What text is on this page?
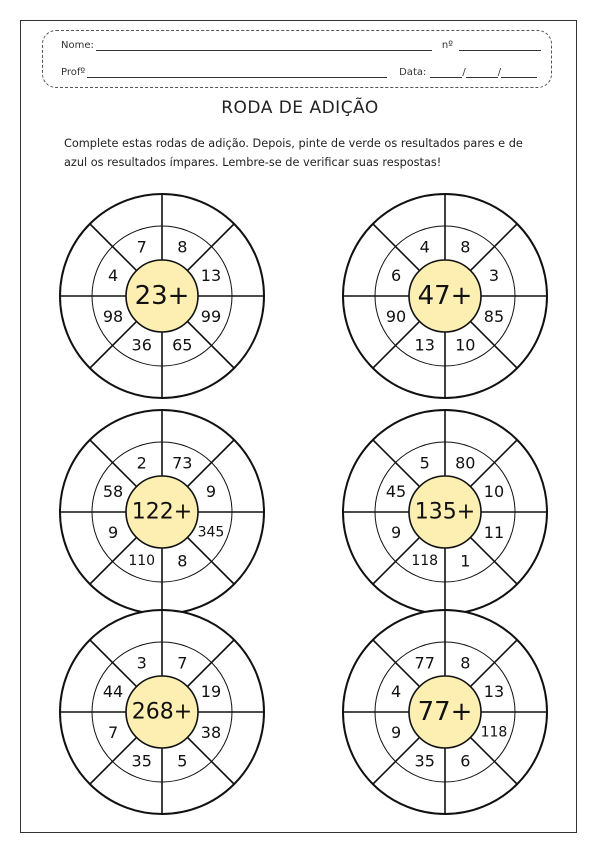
Nome:	nº
Profº	Data:	/	/
RODA DE ADIÇÃO
Complete estas rodas de adição. Depois, pinte de verde os resultados pares e de azul os resultados ímpares. Lembre-se de verificar suas respostas!
23+
7 8
13
99
65
36
98
4
47+
4 8
3
85
10
13
90
6
122+
2 73
9
345
8
110
9
58
135+
5 80
10
11
1
118
9
45
268+
3 7
19
38
5
35
7
44
77+
77 8
13
118
6
35
9
4
